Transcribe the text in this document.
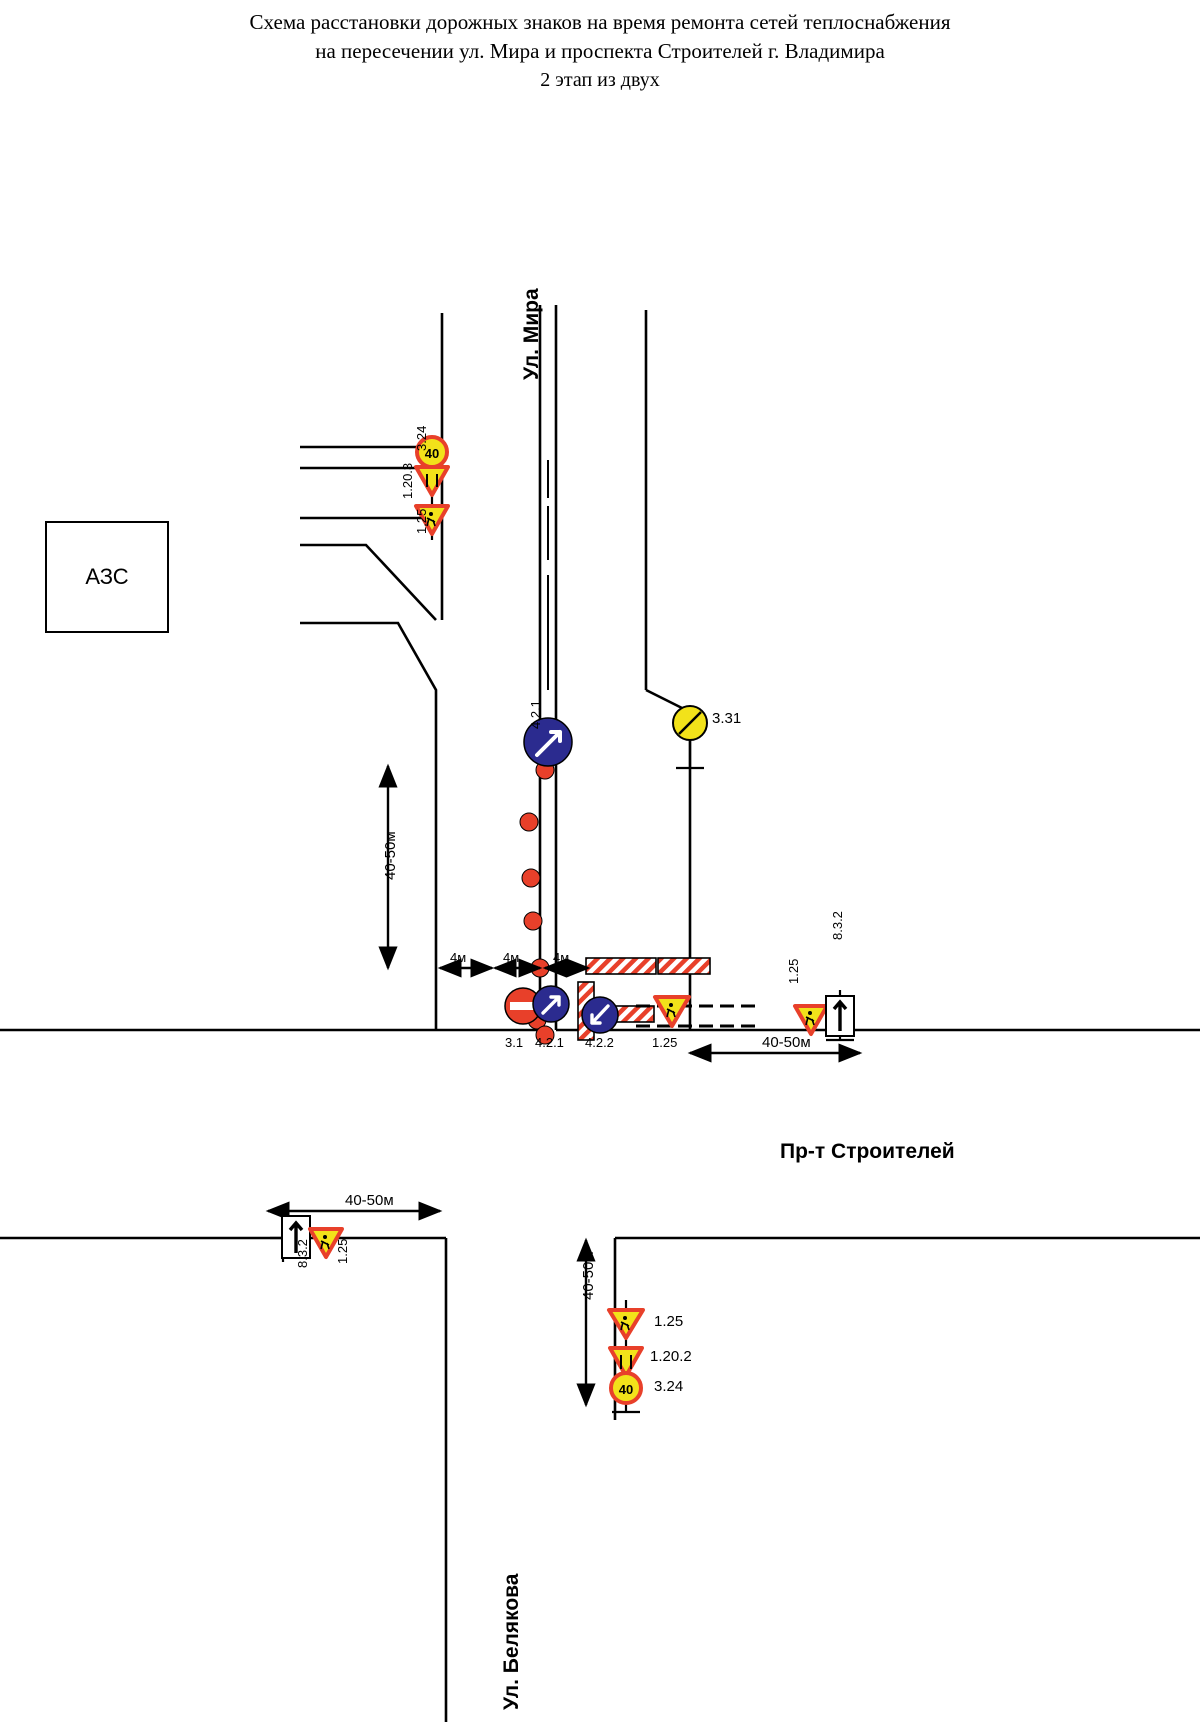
Схема расстановки дорожных знаков на время ремонта сетей теплоснабжения
на пересечении ул. Мира и проспекта Строителей г. Владимира
2 этап из двух
40
40
АЗС
Ул. Мира
Пр-т Строителей
Ул. Белякова
40-50м
40-50м
40-50м
40-50м
4м	4м	4м
3.24
1.20.3
1.25
4.2.1	3.31
3.1 4.2.1 4.2.2	1.25
1.25
8.3.2
8.3.2 1.25
1.25
1.20.2
3.24
